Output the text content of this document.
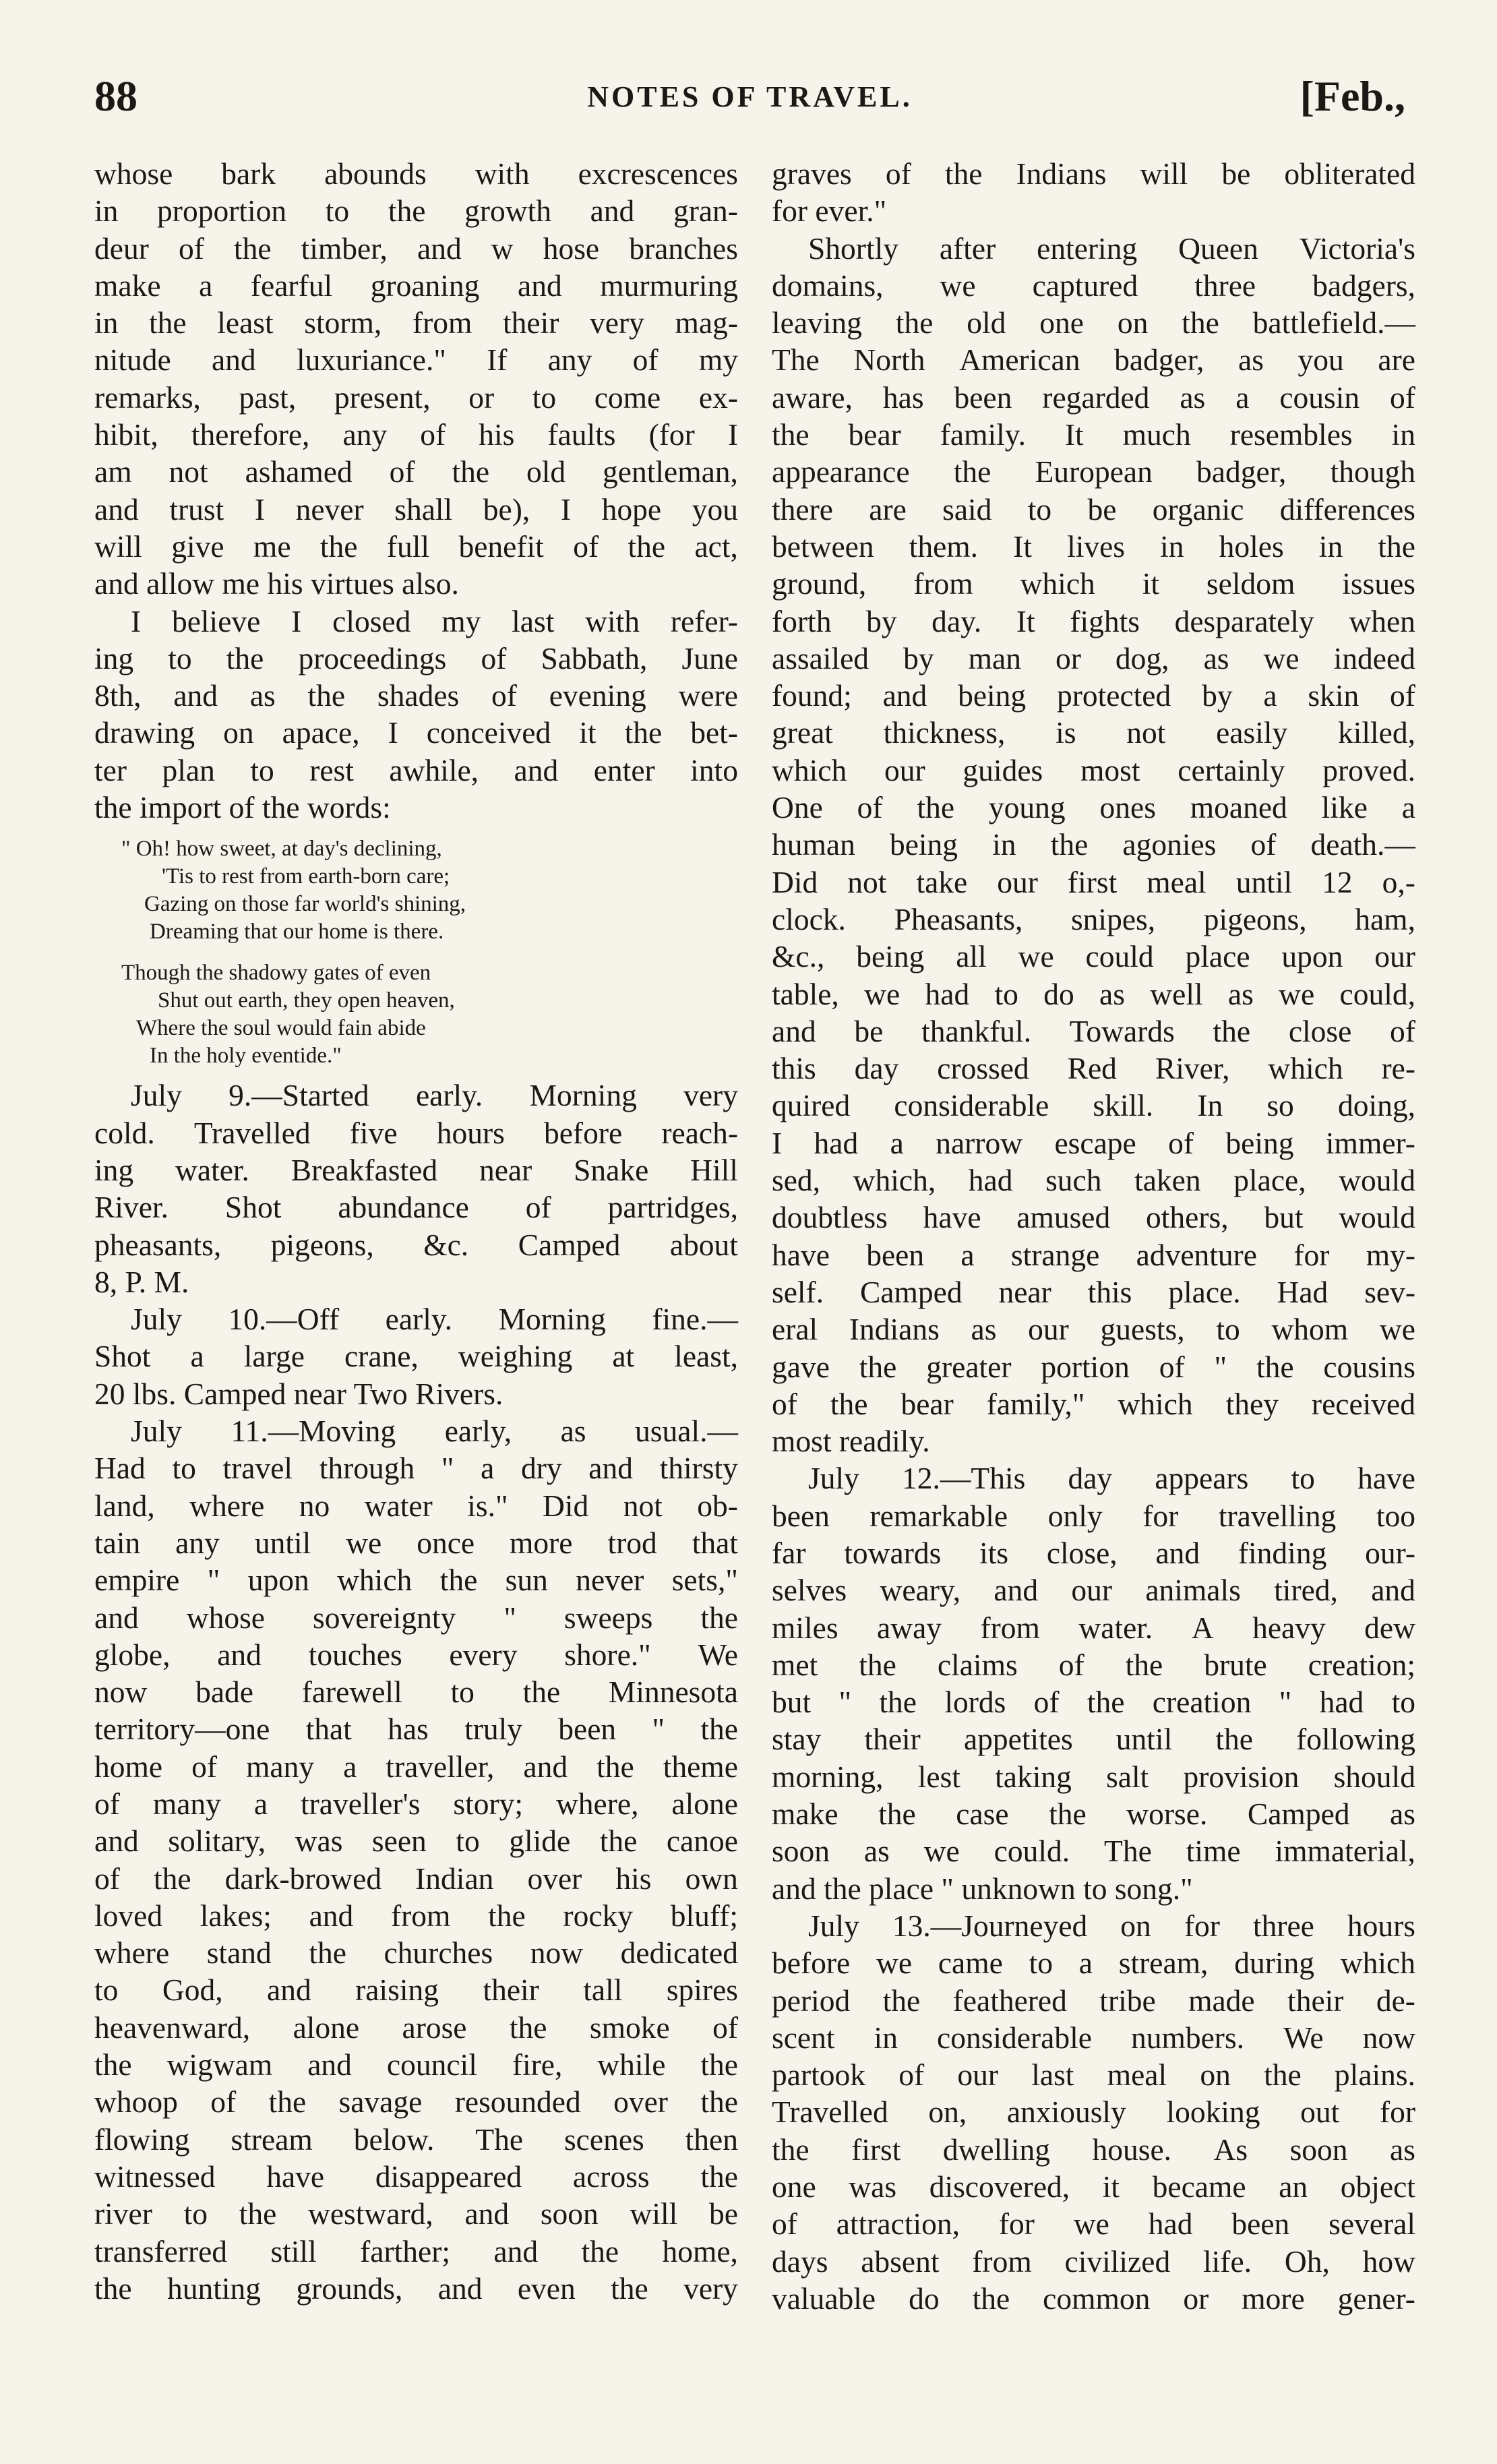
88	NOTES OF TRAVEL.	[Feb.,
whose bark abounds with excrescences
in proportion to the growth and gran-
deur of the timber, and w hose branches
make a fearful groaning and murmuring
in the least storm, from their very mag-
nitude and luxuriance." If any of my
remarks, past, present, or to come ex-
hibit, therefore, any of his faults (for I
am not ashamed of the old gentleman,
and trust I never shall be), I hope you
will give me the full benefit of the act,
and allow me his virtues also.
I believe I closed my last with refer-
ing to the proceedings of Sabbath, June
8th, and as the shades of evening were
drawing on apace, I conceived it the bet-
ter plan to rest awhile, and enter into
the import of the words:
" Oh! how sweet, at day's declining,
'Tis to rest from earth-born care;
Gazing on those far world's shining,
Dreaming that our home is there.
Though the shadowy gates of even
Shut out earth, they open heaven,
Where the soul would fain abide
In the holy eventide."
July 9.—Started early. Morning very
cold. Travelled five hours before reach-
ing water. Breakfasted near Snake Hill
River. Shot abundance of partridges,
pheasants, pigeons, &c. Camped about
8, P. M.
July 10.—Off early. Morning fine.—
Shot a large crane, weighing at least,
20 lbs. Camped near Two Rivers.
July 11.—Moving early, as usual.—
Had to travel through " a dry and thirsty
land, where no water is." Did not ob-
tain any until we once more trod that
empire " upon which the sun never sets,"
and whose sovereignty " sweeps the
globe, and touches every shore." We
now bade farewell to the Minnesota
territory—one that has truly been " the
home of many a traveller, and the theme
of many a traveller's story; where, alone
and solitary, was seen to glide the canoe
of the dark-browed Indian over his own
loved lakes; and from the rocky bluff;
where stand the churches now dedicated
to God, and raising their tall spires
heavenward, alone arose the smoke of
the wigwam and council fire, while the
whoop of the savage resounded over the
flowing stream below. The scenes then
witnessed have disappeared across the
river to the westward, and soon will be
transferred still farther; and the home,
the hunting grounds, and even the very
graves of the Indians will be obliterated
for ever."
Shortly after entering Queen Victoria's
domains, we captured three badgers,
leaving the old one on the battlefield.—
The North American badger, as you are
aware, has been regarded as a cousin of
the bear family. It much resembles in
appearance the European badger, though
there are said to be organic differences
between them. It lives in holes in the
ground, from which it seldom issues
forth by day. It fights desparately when
assailed by man or dog, as we indeed
found; and being protected by a skin of
great thickness, is not easily killed,
which our guides most certainly proved.
One of the young ones moaned like a
human being in the agonies of death.—
Did not take our first meal until 12 o,-
clock. Pheasants, snipes, pigeons, ham,
&c., being all we could place upon our
table, we had to do as well as we could,
and be thankful. Towards the close of
this day crossed Red River, which re-
quired considerable skill. In so doing,
I had a narrow escape of being immer-
sed, which, had such taken place, would
doubtless have amused others, but would
have been a strange adventure for my-
self. Camped near this place. Had sev-
eral Indians as our guests, to whom we
gave the greater portion of " the cousins
of the bear family," which they received
most readily.
July 12.—This day appears to have
been remarkable only for travelling too
far towards its close, and finding our-
selves weary, and our animals tired, and
miles away from water. A heavy dew
met the claims of the brute creation;
but " the lords of the creation " had to
stay their appetites until the following
morning, lest taking salt provision should
make the case the worse. Camped as
soon as we could. The time immaterial,
and the place " unknown to song."
July 13.—Journeyed on for three hours
before we came to a stream, during which
period the feathered tribe made their de-
scent in considerable numbers. We now
partook of our last meal on the plains.
Travelled on, anxiously looking out for
the first dwelling house. As soon as
one was discovered, it became an object
of attraction, for we had been several
days absent from civilized life. Oh, how
valuable do the common or more gener-
